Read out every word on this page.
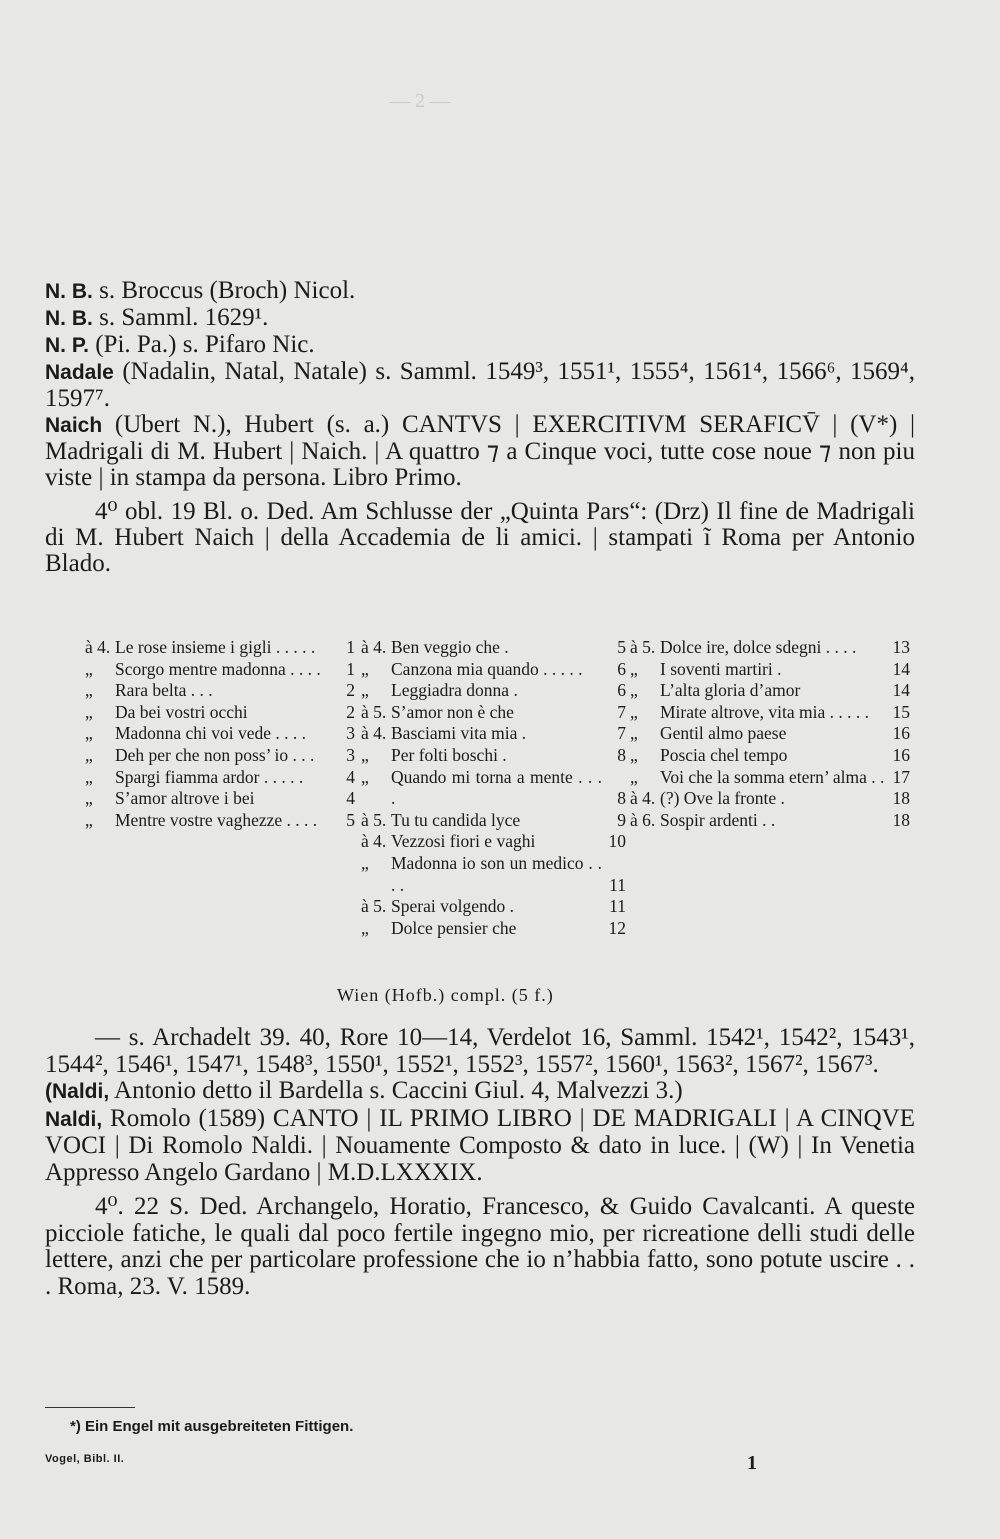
— 2 —

N. B. s. Broccus (Broch) Nicol.

N. B. s. Samml. 1629¹.

N. P. (Pi. Pa.) s. Pifaro Nic.

Nadale (Nadalin, Natal, Natale) s. Samml. 1549³, 1551¹, 1555⁴, 1561⁴, 1566⁶, 1569⁴, 1597⁷.

Naich (Ubert N.), Hubert (s. a.) CANTVS | EXERCITIVM SERAFICV̄ | (V*) | Madrigali di M. Hubert | Naich. | A quattro ⁊ a Cinque voci, tutte cose noue ⁊ non piu viste | in stampa da persona. Libro Primo.

4⁰ obl. 19 Bl. o. Ded. Am Schlusse der „Quinta Pars“: (Drz) Il fine de Madrigali di M. Hubert Naich | della Accademia de li amici. | stampati ĩ Roma per Antonio Blado.

à 4. Le rose insieme i gigli . . . . .	1
„	Scorgo mentre madonna . . . .	1
„	Rara belta . . .	2
„	Da bei vostri occhi	2
„	Madonna chi voi vede . . . .	3
„	Deh per che non poss’ io . . .	3
„	Spargi fiamma ardor . . . . .	4
„	S’amor altrove i bei	4
„	Mentre vostre vaghezze . . . .	5
à 4. Ben veggio che .	5
„	Canzona mia quando . . . . .	6
„	Leggiadra donna .	6
à 5. S’amor non è che	7
à 4. Basciami vita mia .	7
„	Per folti boschi .	8
„	Quando mi torna a mente . . . .	8
à 5. Tu tu candida lyce	9
à 4. Vezzosi fiori e vaghi	10
„	Madonna io son un medico . . . .	11
à 5. Sperai volgendo .	11
„	Dolce pensier che	12
à 5. Dolce ire, dolce sdegni . . . .	13
„	I soventi martiri .	14
„	L’alta gloria d’amor	14
„	Mirate altrove, vita mia . . . . .	15
„	Gentil almo paese	16
„	Poscia chel tempo	16
„	Voi che la somma etern’ alma . . 17
à 4. (?) Ove la fronte .	18
à 6. Sospir ardenti . .	18
Wien (Hofb.) compl. (5 f.)

— s. Archadelt 39. 40, Rore 10—14, Verdelot 16, Samml. 1542¹, 1542², 1543¹, 1544², 1546¹, 1547¹, 1548³, 1550¹, 1552¹, 1552³, 1557², 1560¹, 1563², 1567², 1567³.

(Naldi, Antonio detto il Bardella s. Caccini Giul. 4, Malvezzi 3.)

Naldi, Romolo (1589) CANTO | IL PRIMO LIBRO | DE MADRIGALI | A CINQVE VOCI | Di Romolo Naldi. | Nouamente Composto & dato in luce. | (W) | In Venetia Appresso Angelo Gardano | M.D.LXXXIX.

4⁰. 22 S. Ded. Archangelo, Horatio, Francesco, & Guido Cavalcanti. A queste picciole fatiche, le quali dal poco fertile ingegno mio, per ricreatione delli studi delle lettere, anzi che per particolare professione che io n’habbia fatto, sono potute uscire . . . Roma, 23. V. 1589.

*) Ein Engel mit ausgebreiteten Fittigen.
Vogel, Bibl. II.	1
